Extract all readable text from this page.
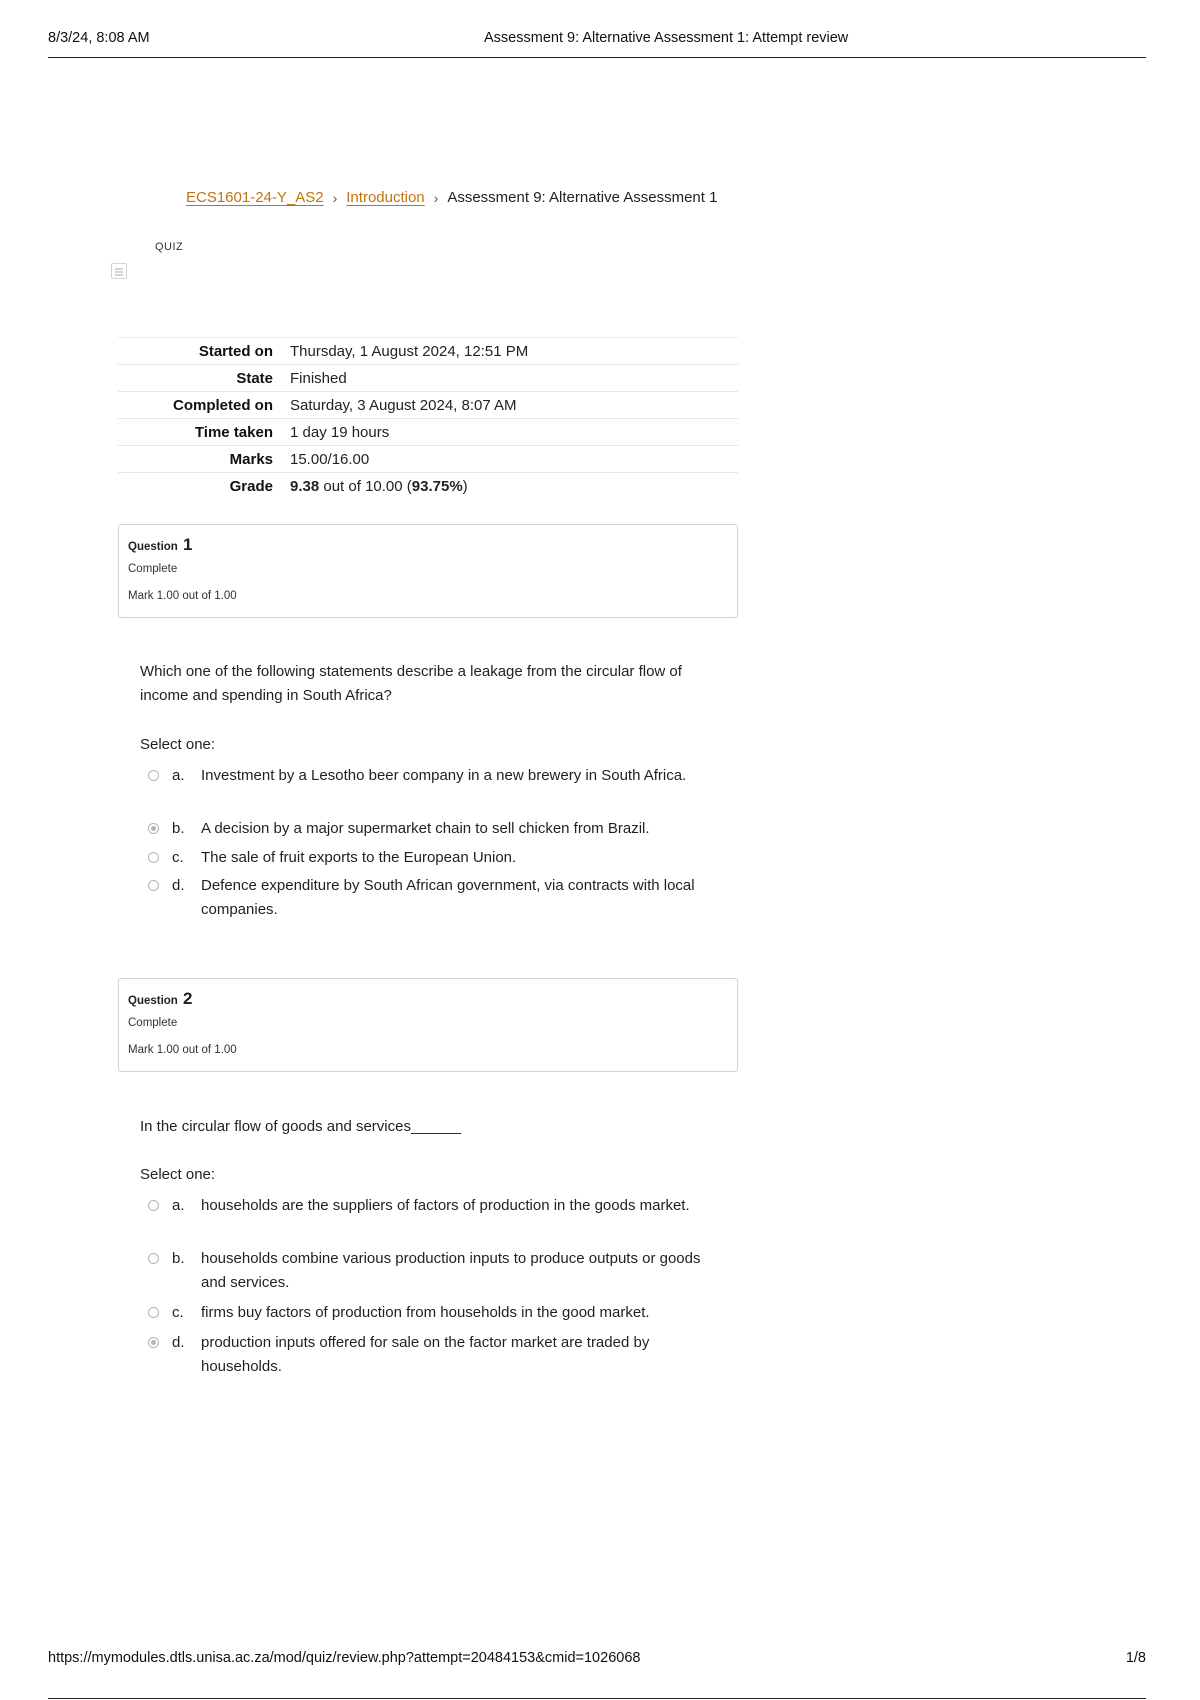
8/3/24, 8:08 AM	Assessment 9: Alternative Assessment 1: Attempt review
ECS1601-24-Y_AS2 › Introduction › Assessment 9: Alternative Assessment 1
QUIZ
Started on	Thursday, 1 August 2024, 12:51 PM
State	Finished
Completed on	Saturday, 3 August 2024, 8:07 AM
Time taken	1 day 19 hours
Marks	15.00/16.00
Grade	9.38 out of 10.00 (93.75%)
Question 1
Complete
Mark 1.00 out of 1.00
Which one of the following statements describe a leakage from the circular flow of income and spending in South Africa?
Select one:
a. Investment by a Lesotho beer company in a new brewery in South Africa.
b. A decision by a major supermarket chain to sell chicken from Brazil.
c. The sale of fruit exports to the European Union.
d. Defence expenditure by South African government, via contracts with local companies.
Question 2
Complete
Mark 1.00 out of 1.00
In the circular flow of goods and services______
Select one:
a. households are the suppliers of factors of production in the goods market.
b. households combine various production inputs to produce outputs or goods and services.
c. firms buy factors of production from households in the good market.
d. production inputs offered for sale on the factor market are traded by households.
https://mymodules.dtls.unisa.ac.za/mod/quiz/review.php?attempt=20484153&cmid=1026068	1/8
